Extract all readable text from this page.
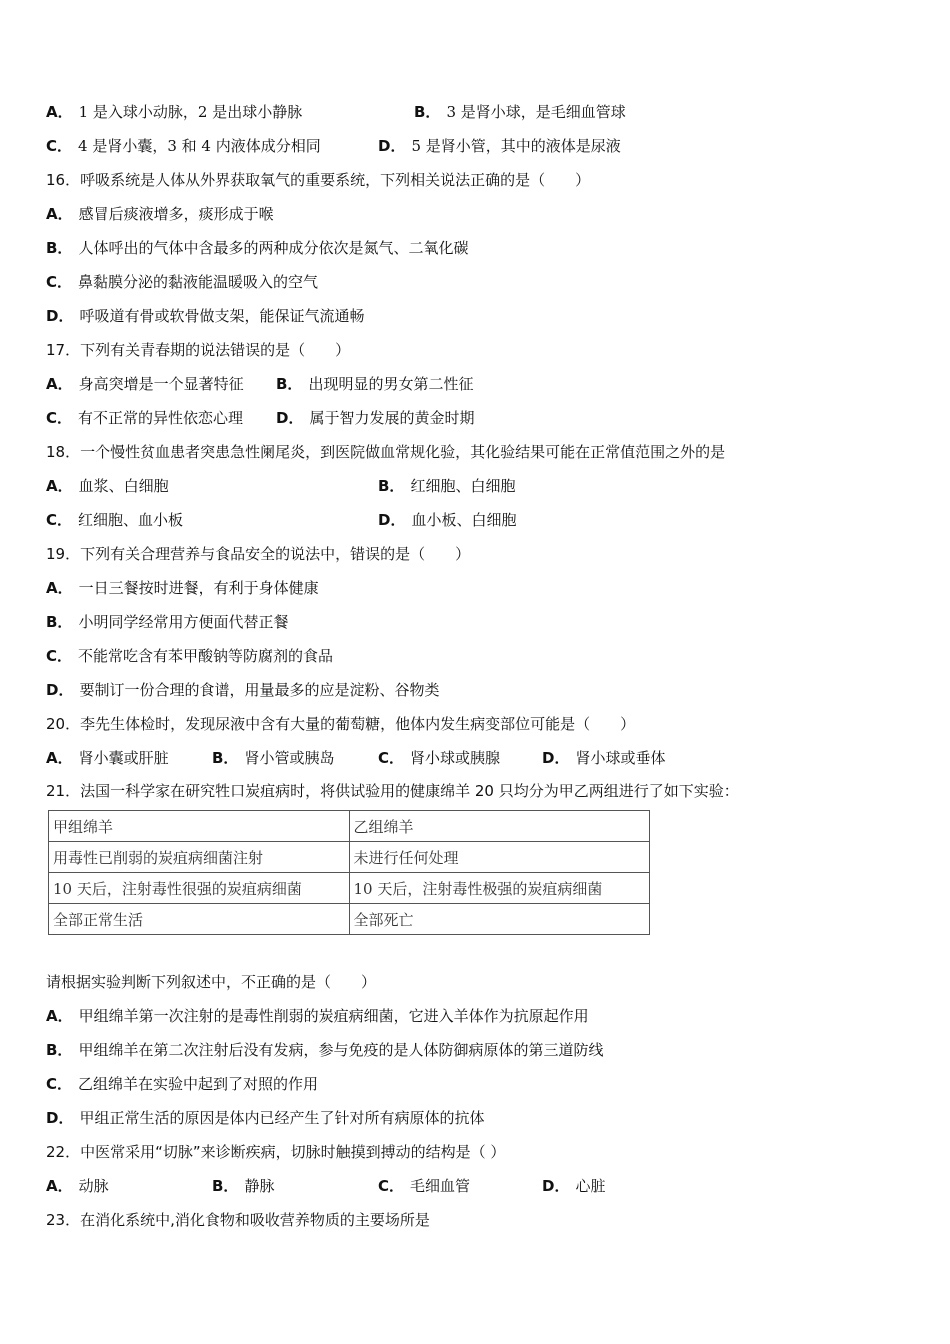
A． 1 是入球小动脉，2 是出球小静脉	B． 3 是肾小球，是毛细血管球
C． 4 是肾小囊，3 和 4 内液体成分相同	D． 5 是肾小管，其中的液体是尿液
16．呼吸系统是人体从外界获取氧气的重要系统，下列相关说法正确的是（　　）
A． 感冒后痰液增多，痰形成于喉
B． 人体呼出的气体中含最多的两种成分依次是氮气、二氧化碳
C． 鼻黏膜分泌的黏液能温暖吸入的空气
D． 呼吸道有骨或软骨做支架，能保证气流通畅
17．下列有关青春期的说法错误的是（　　）
A． 身高突增是一个显著特征 B． 出现明显的男女第二性征
C． 有不正常的异性依恋心理 D． 属于智力发展的黄金时期
18．一个慢性贫血患者突患急性阑尾炎，到医院做血常规化验，其化验结果可能在正常值范围之外的是
A． 血浆、白细胞	B． 红细胞、白细胞
C． 红细胞、血小板	D． 血小板、白细胞
19．下列有关合理营养与食品安全的说法中，错误的是（　　）
A． 一日三餐按时进餐，有利于身体健康
B． 小明同学经常用方便面代替正餐
C． 不能常吃含有苯甲酸钠等防腐剂的食品
D． 要制订一份合理的食谱，用量最多的应是淀粉、谷物类
20．李先生体检时，发现尿液中含有大量的葡萄糖，他体内发生病变部位可能是（　　）
A． 肾小囊或肝脏	B． 肾小管或胰岛	C． 肾小球或胰腺	D． 肾小球或垂体
21．法国一科学家在研究牲口炭疽病时，将供试验用的健康绵羊 20 只均分为甲乙两组进行了如下实验：
甲组绵羊	乙组绵羊
用毒性已削弱的炭疽病细菌注射	未进行任何处理
10 天后，注射毒性很强的炭疽病细菌	10 天后，注射毒性极强的炭疽病细菌
全部正常生活	全部死亡
请根据实验判断下列叙述中，不正确的是（　　）
A． 甲组绵羊第一次注射的是毒性削弱的炭疽病细菌，它进入羊体作为抗原起作用
B． 甲组绵羊在第二次注射后没有发病，参与免疫的是人体防御病原体的第三道防线
C． 乙组绵羊在实验中起到了对照的作用
D． 甲组正常生活的原因是体内已经产生了针对所有病原体的抗体
22．中医常采用“切脉”来诊断疾病，切脉时触摸到搏动的结构是（ ）
A． 动脉	B． 静脉	C． 毛细血管	D． 心脏
23．在消化系统中,消化食物和吸收营养物质的主要场所是
